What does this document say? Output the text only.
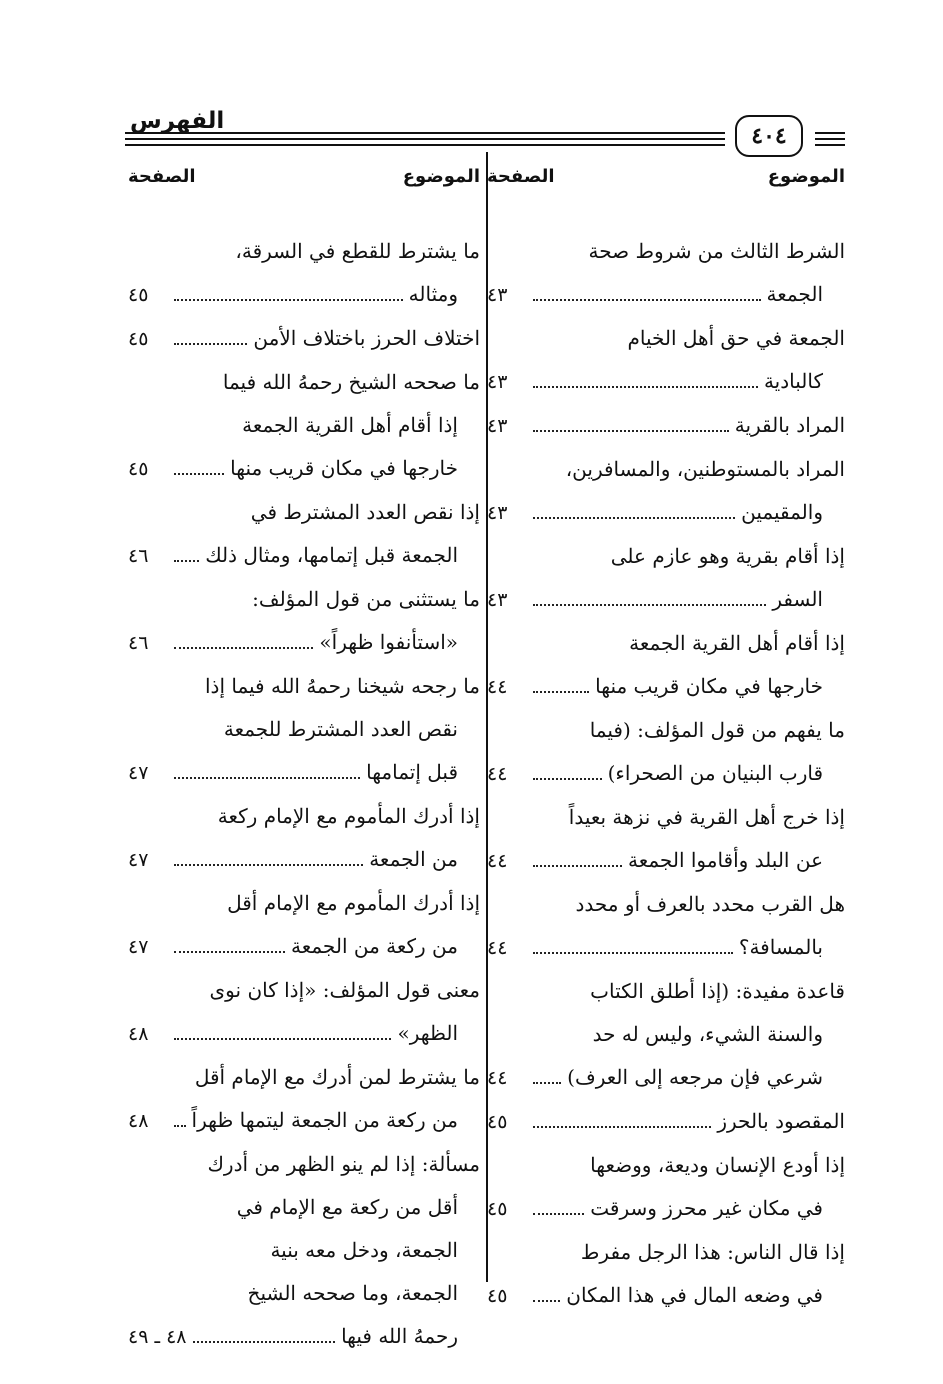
الفهرس
٤٠٤
الموضوع
الصفحة
الشرط الثالث من شروط صحة
الجمعة
٤٣
الجمعة في حق أهل الخيام
كالبادية
٤٣
المراد بالقرية
٤٣
المراد بالمستوطنين، والمسافرين،
والمقيمين
٤٣
إذا أقام بقرية وهو عازم على
السفر
٤٣
إذا أقام أهل القرية الجمعة
خارجها في مكان قريب منها
٤٤
ما يفهم من قول المؤلف: (فيما
قارب البنيان من الصحراء)
٤٤
إذا خرج أهل القرية في نزهة بعيداً
عن البلد وأقاموا الجمعة
٤٤
هل القرب محدد بالعرف أو محدد
بالمسافة؟
٤٤
قاعدة مفيدة: (إذا أطلق الكتاب
والسنة الشيء، وليس له حد
شرعي فإن مرجعه إلى العرف)
٤٤
المقصود بالحرز
٤٥
إذا أودع الإنسان وديعة، ووضعها
في مكان غير محرز وسرقت
٤٥
إذا قال الناس: هذا الرجل مفرط
في وضعه المال في هذا المكان
٤٥
الموضوع
الصفحة
ما يشترط للقطع في السرقة،
ومثاله
٤٥
اختلاف الحرز باختلاف الأمن
٤٥
ما صححه الشيخ رحمهُ الله فيما
إذا أقام أهل القرية الجمعة
خارجها في مكان قريب منها
٤٥
إذا نقص العدد المشترط في
الجمعة قبل إتمامها، ومثال ذلك
٤٦
ما يستثنى من قول المؤلف:
«استأنفوا ظهراً»
٤٦
ما رجحه شيخنا رحمهُ الله فيما إذا
نقص العدد المشترط للجمعة
قبل إتمامها
٤٧
إذا أدرك المأموم مع الإمام ركعة
من الجمعة
٤٧
إذا أدرك المأموم مع الإمام أقل
من ركعة من الجمعة
٤٧
معنى قول المؤلف: «إذا كان نوى
الظهر»
٤٨
ما يشترط لمن أدرك مع الإمام أقل
من ركعة من الجمعة ليتمها ظهراً
٤٨
مسألة: إذا لم ينو الظهر من أدرك
أقل من ركعة مع الإمام في
الجمعة، ودخل معه بنية
الجمعة، وما صححه الشيخ
رحمهُ الله فيها
٤٨ ـ ٤٩
